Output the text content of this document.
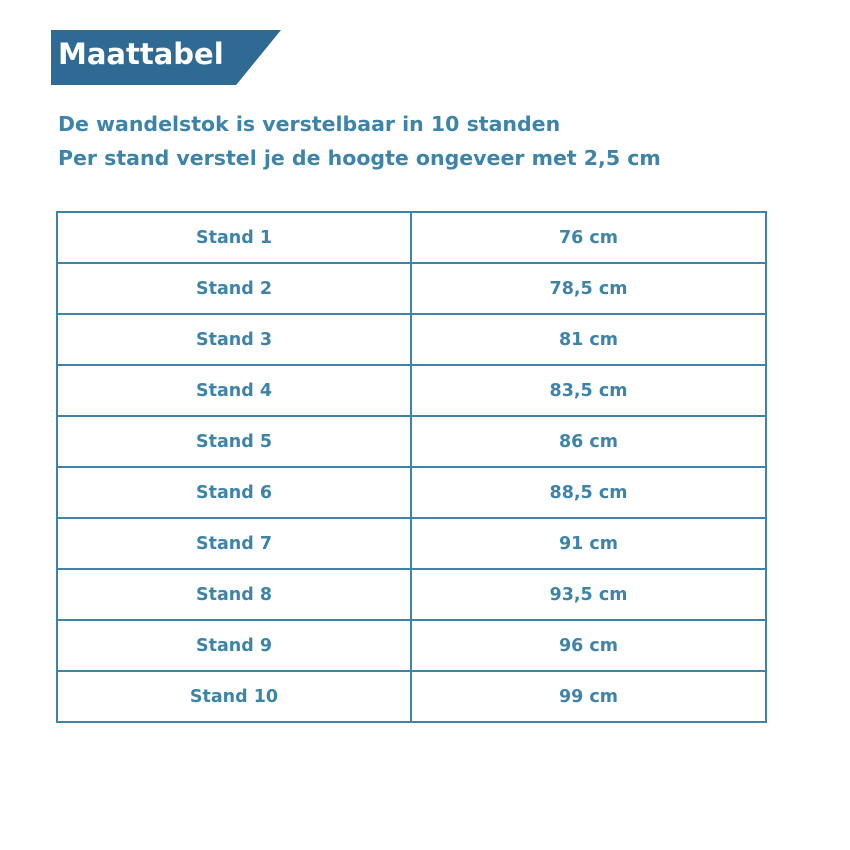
Maattabel
De wandelstok is verstelbaar in 10 standen
Per stand verstel je de hoogte ongeveer met 2,5 cm
Stand 1	76 cm
Stand 2	78,5 cm
Stand 3	81 cm
Stand 4	83,5 cm
Stand 5	86 cm
Stand 6	88,5 cm
Stand 7	91 cm
Stand 8	93,5 cm
Stand 9	96 cm
Stand 10	99 cm
